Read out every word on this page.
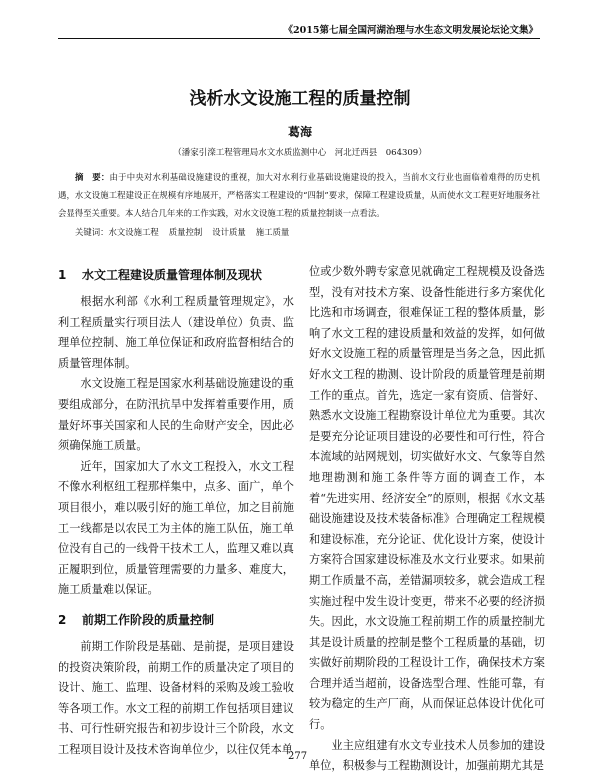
《2015第七届全国河湖治理与水生态文明发展论坛论文集》
浅析水文设施工程的质量控制
葛海
（潘家引滦工程管理局水文水质监测中心　河北迁西县　064309）
摘　要：由于中央对水利基础设施建设的重视，加大对水利行业基础设施建设的投入，当前水文行业也面临着难得的历史机遇，水文设施工程建设正在规模有序地展开，严格落实工程建设的“四制”要求，保障工程建设质量，从而使水文工程更好地服务社会显得至关重要。本人结合几年来的工作实践，对水文设施工程的质量控制谈一点看法。
关键词：水文设施工程 质量控制 设计质量 施工质量
1 水文工程建设质量管理体制及现状

根据水利部《水利工程质量管理规定》，水利工程质量实行项目法人（建设单位）负责、监理单位控制、施工单位保证和政府监督相结合的质量管理体制。

水文设施工程是国家水利基础设施建设的重要组成部分，在防汛抗旱中发挥着重要作用，质量好坏事关国家和人民的生命财产安全，因此必须确保施工质量。

近年，国家加大了水文工程投入，水文工程不像水利枢纽工程那样集中，点多、面广，单个项目很小，难以吸引好的施工单位，加之目前施工一线都是以农民工为主体的施工队伍，施工单位没有自己的一线骨干技术工人，监理又难以真正履职到位，质量管理需要的力量多、难度大，施工质量难以保证。

2 前期工作阶段的质量控制

前期工作阶段是基础、是前提，是项目建设的投资决策阶段，前期工作的质量决定了项目的设计、施工、监理、设备材料的采购及竣工验收等各项工作。水文工程的前期工作包括项目建议书、可行性研究报告和初步设计三个阶段，水文工程项目设计及技术咨询单位少，以往仅凭本单

位或少数外聘专家意见就确定工程规模及设备选型，没有对技术方案、设备性能进行多方案优化比选和市场调查，很难保证工程的整体质量，影响了水文工程的建设质量和效益的发挥，如何做好水文设施工程的质量管理是当务之急，因此抓好水文工程的勘测、设计阶段的质量管理是前期工作的重点。首先，选定一家有资质、信誉好、熟悉水文设施工程勘察设计单位尤为重要。其次是要充分论证项目建设的必要性和可行性，符合本流域的站网规划，切实做好水文、气象等自然地理勘测和施工条件等方面的调查工作，本着“先进实用、经济安全”的原则，根据《水文基础设施建设及技术装备标准》合理确定工程规模和建设标准，充分论证、优化设计方案，使设计方案符合国家建设标准及水文行业要求。如果前期工作质量不高，差错漏项较多，就会造成工程实施过程中发生设计变更，带来不必要的经济损失。因此，水文设施工程前期工作的质量控制尤其是设计质量的控制是整个工程质量的基础，切实做好前期阶段的工程设计工作，确保技术方案合理并适当超前，设备选型合理、性能可靠，有较为稳定的生产厂商，从而保证总体设计优化可行。

业主应组建有水文专业技术人员参加的建设单位，积极参与工程勘测设计，加强前期尤其是

277
